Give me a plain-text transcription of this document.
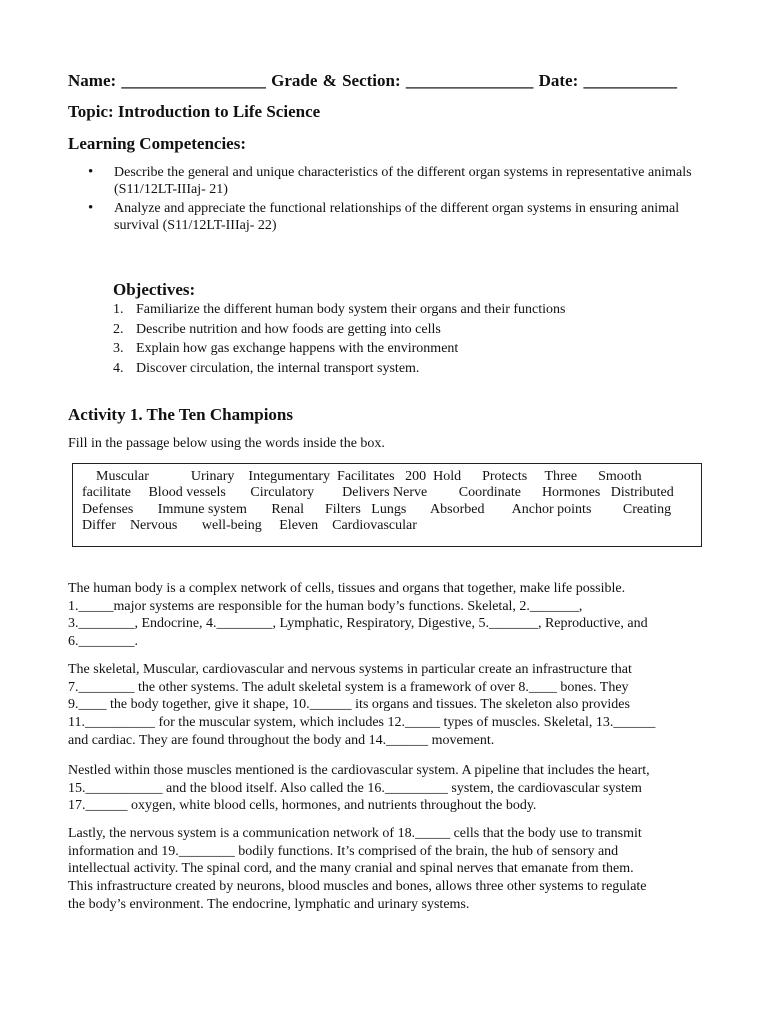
Name: _________________ Grade & Section: _______________ Date: ___________
Topic: Introduction to Life Science
Learning Competencies:
• Describe the general and unique characteristics of the different organ systems in representative animals (S11/12LT-IIIaj- 21)
• Analyze and appreciate the functional relationships of the different organ systems in ensuring animal survival (S11/12LT-IIIaj- 22)
Objectives:
1. Familiarize the different human body system their organs and their functions
2. Describe nutrition and how foods are getting into cells
3. Explain how gas exchange happens with the environment
4. Discover circulation, the internal transport system.
Activity 1. The Ten Champions
Fill in the passage below using the words inside the box.
Muscular            Urinary    Integumentary  Facilitates   200  Hold      Protects     Three      Smooth
facilitate     Blood vessels       Circulatory        Delivers Nerve         Coordinate      Hormones   Distributed
Defenses       Immune system       Renal      Filters   Lungs       Absorbed        Anchor points         Creating
Differ    Nervous       well-being     Eleven    Cardiovascular
The human body is a complex network of cells, tissues and organs that together, make life possible.
1._____major systems are responsible for the human body’s functions. Skeletal, 2._______,
3.________, Endocrine, 4.________, Lymphatic, Respiratory, Digestive, 5._______, Reproductive, and
6.________.
The skeletal, Muscular, cardiovascular and nervous systems in particular create an infrastructure that
7.________ the other systems. The adult skeletal system is a framework of over 8.____ bones. They
9.____ the body together, give it shape, 10.______ its organs and tissues. The skeleton also provides
11.__________ for the muscular system, which includes 12._____ types of muscles. Skeletal, 13.______
and cardiac. They are found throughout the body and 14.______ movement.
Nestled within those muscles mentioned is the cardiovascular system. A pipeline that includes the heart,
15.___________ and the blood itself. Also called the 16._________ system, the cardiovascular system
17.______ oxygen, white blood cells, hormones, and nutrients throughout the body.
Lastly, the nervous system is a communication network of 18._____ cells that the body use to transmit
information and 19.________ bodily functions. It’s comprised of the brain, the hub of sensory and
intellectual activity. The spinal cord, and the many cranial and spinal nerves that emanate from them.
This infrastructure created by neurons, blood muscles and bones, allows three other systems to regulate
the body’s environment. The endocrine, lymphatic and urinary systems.
